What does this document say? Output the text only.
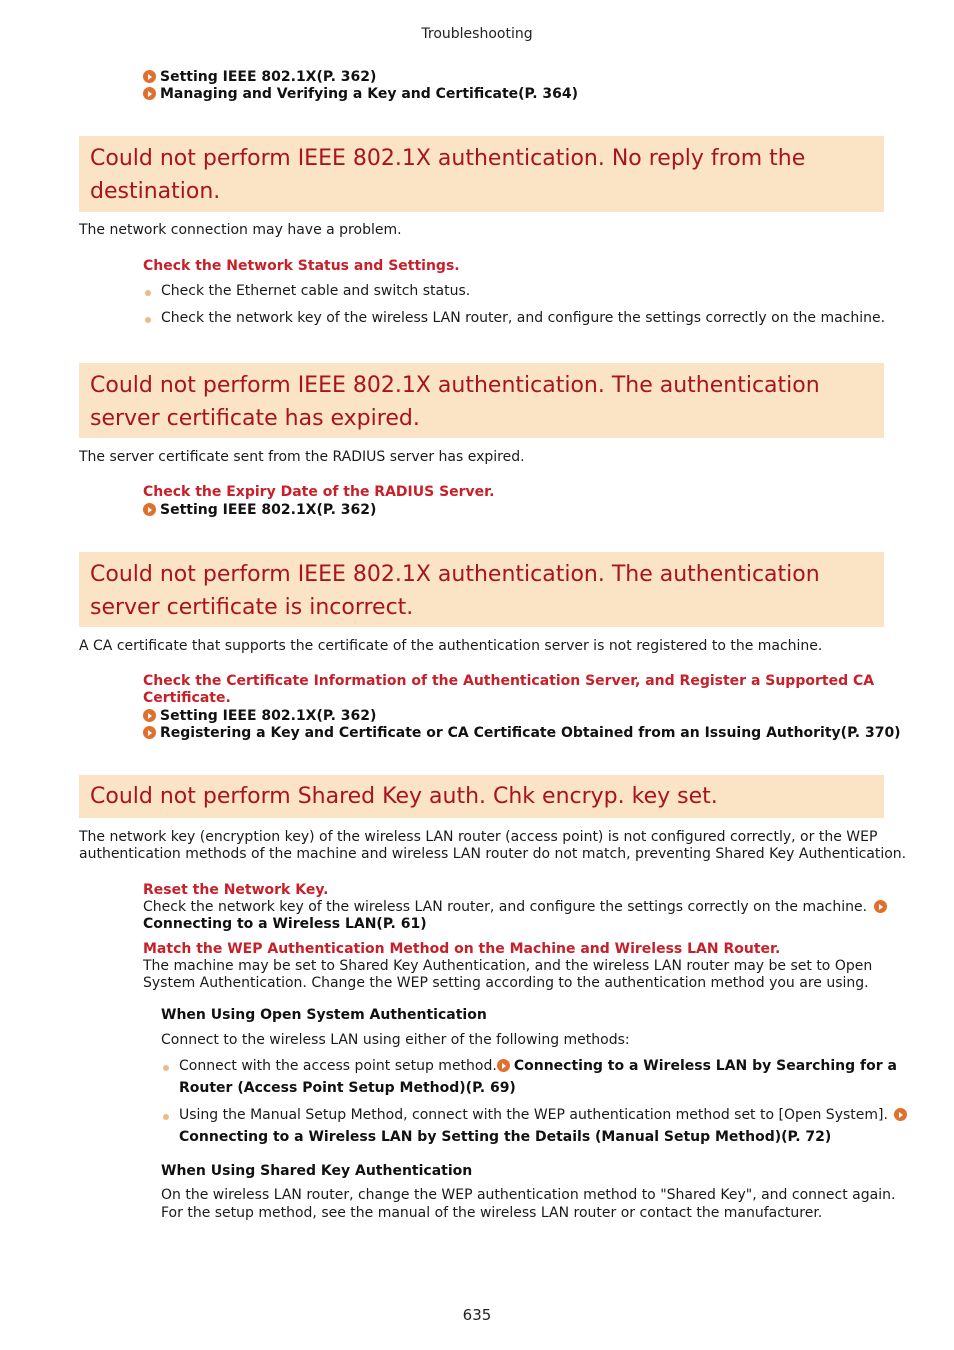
Troubleshooting
Setting IEEE 802.1X(P. 362)
Managing and Verifying a Key and Certificate(P. 364)
Could not perform IEEE 802.1X authentication. No reply from the destination.
The network connection may have a problem.
Check the Network Status and Settings.
Check the Ethernet cable and switch status.
Check the network key of the wireless LAN router, and configure the settings correctly on the machine.
Could not perform IEEE 802.1X authentication. The authentication server certificate has expired.
The server certificate sent from the RADIUS server has expired.
Check the Expiry Date of the RADIUS Server.
Setting IEEE 802.1X(P. 362)
Could not perform IEEE 802.1X authentication. The authentication server certificate is incorrect.
A CA certificate that supports the certificate of the authentication server is not registered to the machine.
Check the Certificate Information of the Authentication Server, and Register a Supported CA
Certificate.
Setting IEEE 802.1X(P. 362)
Registering a Key and Certificate or CA Certificate Obtained from an Issuing Authority(P. 370)
Could not perform Shared Key auth. Chk encryp. key set.
The network key (encryption key) of the wireless LAN router (access point) is not configured correctly, or the WEP
authentication methods of the machine and wireless LAN router do not match, preventing Shared Key Authentication.
Reset the Network Key.
Check the network key of the wireless LAN router, and configure the settings correctly on the machine.
Connecting to a Wireless LAN(P. 61)
Match the WEP Authentication Method on the Machine and Wireless LAN Router.
The machine may be set to Shared Key Authentication, and the wireless LAN router may be set to Open
System Authentication. Change the WEP setting according to the authentication method you are using.
When Using Open System Authentication
Connect to the wireless LAN using either of the following methods:
Connect with the access point setup method.	Connecting to a Wireless LAN by Searching for a
Router (Access Point Setup Method)(P. 69)
Using the Manual Setup Method, connect with the WEP authentication method set to [Open System].
Connecting to a Wireless LAN by Setting the Details (Manual Setup Method)(P. 72)
When Using Shared Key Authentication
On the wireless LAN router, change the WEP authentication method to "Shared Key", and connect again.
For the setup method, see the manual of the wireless LAN router or contact the manufacturer.
635
